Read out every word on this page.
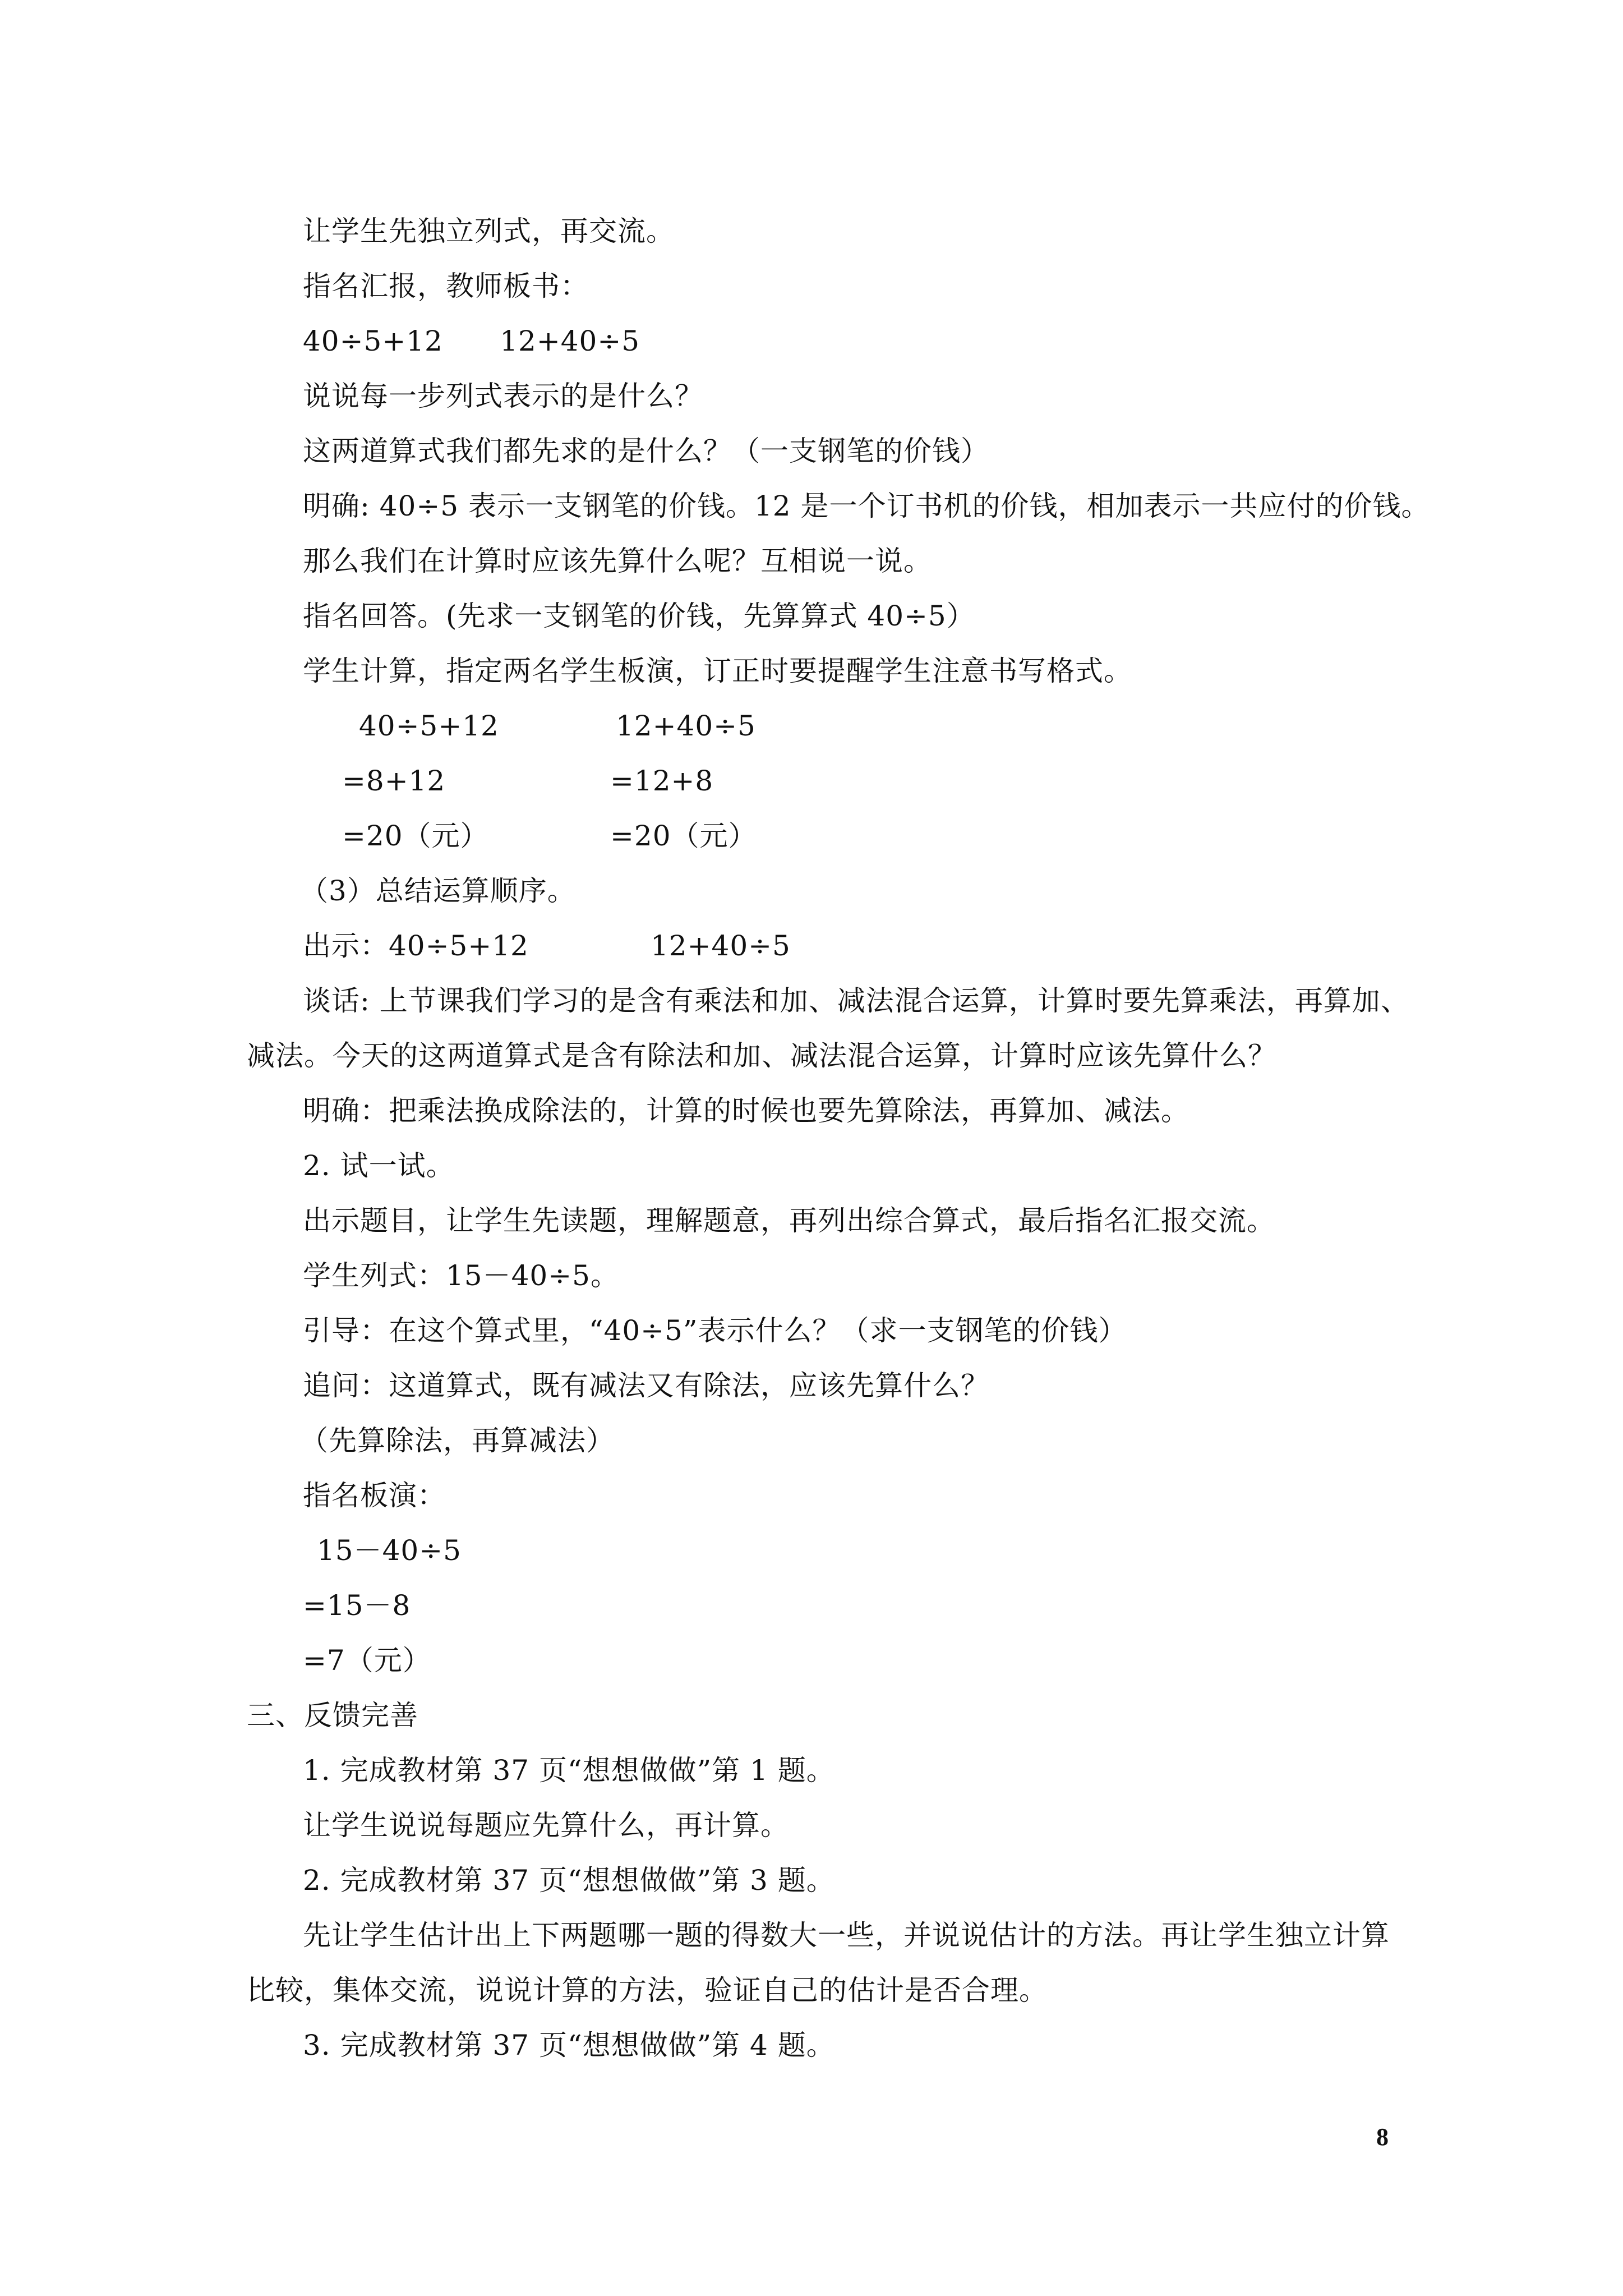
让学生先独立列式，再交流。
指名汇报，教师板书：
40÷5+12      12+40÷5
说说每一步列式表示的是什么？
这两道算式我们都先求的是什么？（一支钢笔的价钱）
明确: 40÷5 表示一支钢笔的价钱。12 是一个订书机的价钱，相加表示一共应付的价钱。
那么我们在计算时应该先算什么呢？互相说一说。
指名回答。(先求一支钢笔的价钱，先算算式 40÷5）
学生计算，指定两名学生板演，订正时要提醒学生注意书写格式。
40÷5+12	12+40÷5
=8+12	=12+8
=20（元）	=20（元）
（3）总结运算顺序。
出示：40÷5+12	12+40÷5
谈话: 上节课我们学习的是含有乘法和加、减法混合运算，计算时要先算乘法，再算加、
减法。今天的这两道算式是含有除法和加、减法混合运算，计算时应该先算什么？
明确：把乘法换成除法的，计算的时候也要先算除法，再算加、减法。
2. 试一试。
出示题目，让学生先读题，理解题意，再列出综合算式，最后指名汇报交流。
学生列式：15－40÷5。
引导：在这个算式里，“40÷5”表示什么？（求一支钢笔的价钱）
追问：这道算式，既有减法又有除法，应该先算什么？
（先算除法，再算减法）
指名板演：
15－40÷5
=15－8
=7（元）
三、反馈完善
1. 完成教材第 37 页“想想做做”第 1 题。
让学生说说每题应先算什么，再计算。
2. 完成教材第 37 页“想想做做”第 3 题。
先让学生估计出上下两题哪一题的得数大一些，并说说估计的方法。再让学生独立计算
比较，集体交流，说说计算的方法，验证自己的估计是否合理。
3. 完成教材第 37 页“想想做做”第 4 题。
8
